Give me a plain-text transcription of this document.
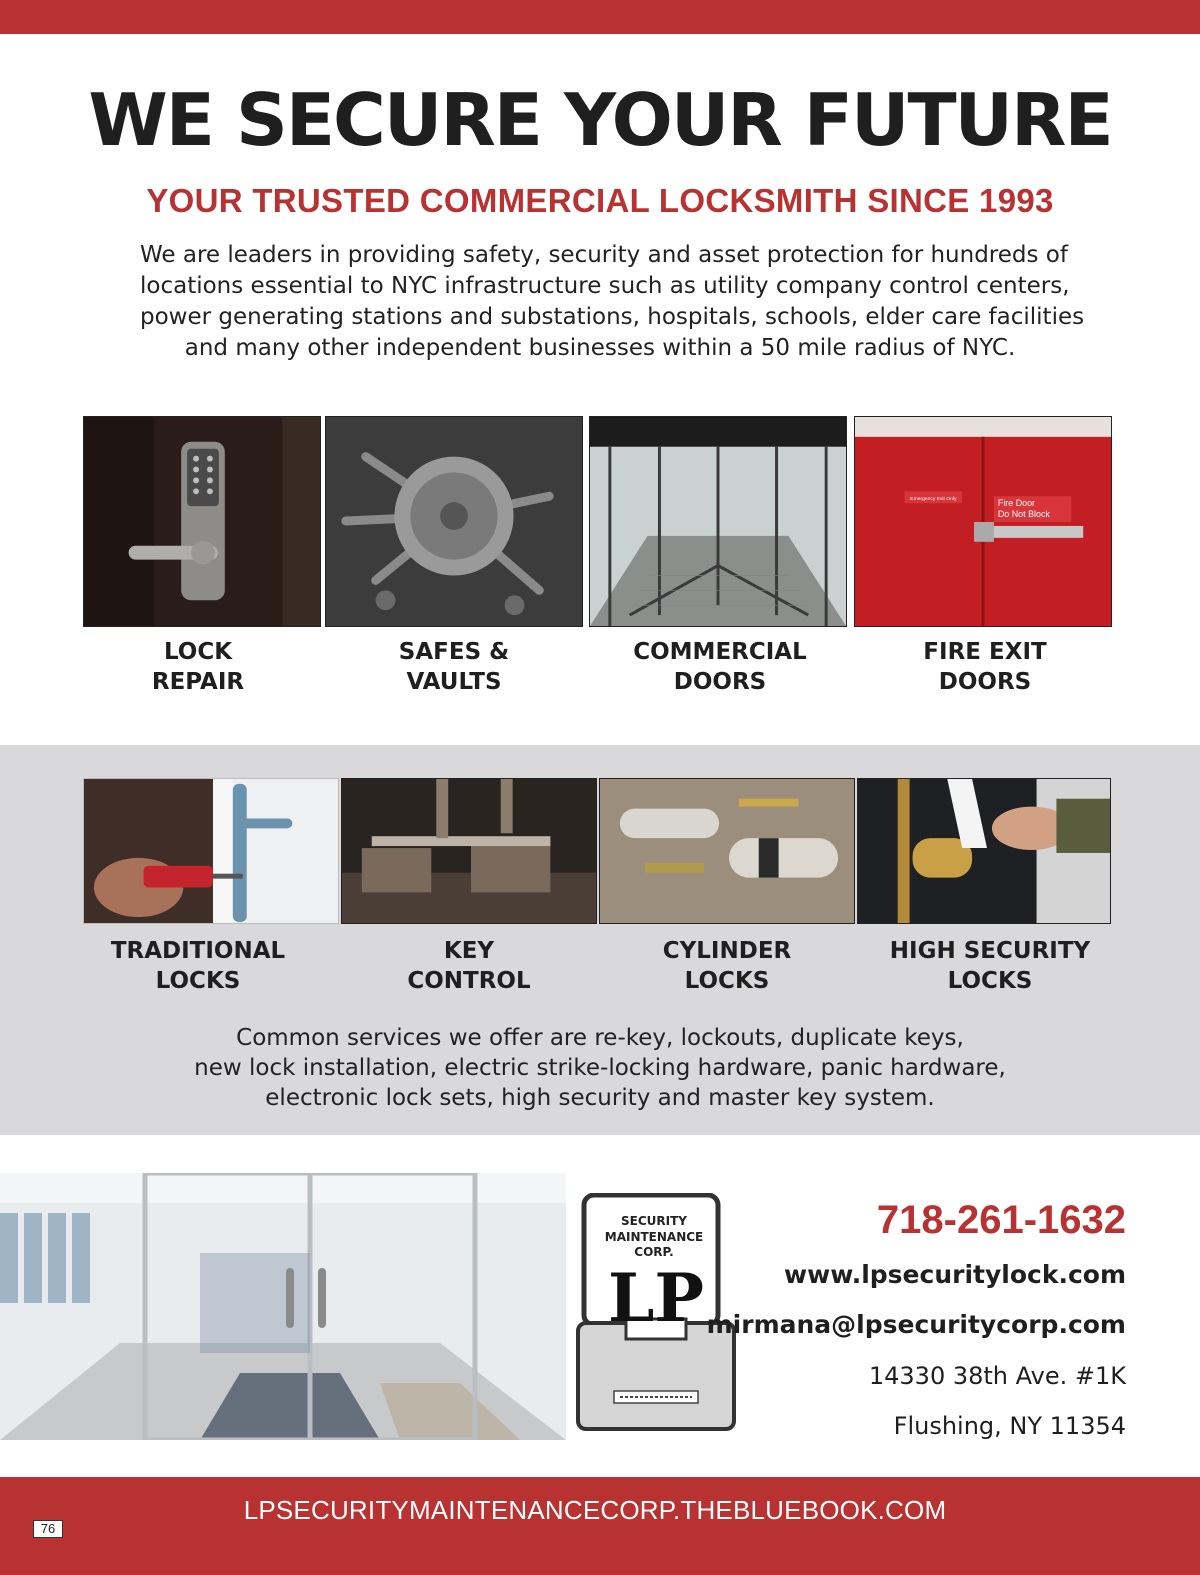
WE SECURE YOUR FUTURE
YOUR TRUSTED COMMERCIAL LOCKSMITH SINCE 1993

We are leaders in providing safety, security and asset protection for hundreds of
locations essential to NYC infrastructure such as utility company control centers,
power generating stations and substations, hospitals, schools, elder care facilities
and many other independent businesses within a 50 mile radius of NYC.

Emergency Exit Only	Fire Door
Do Not Block
LOCK
REPAIR
SAFES &
VAULTS
COMMERCIAL
DOORS
FIRE EXIT
DOORS
TRADITIONAL
LOCKS
KEY
CONTROL
CYLINDER
LOCKS
HIGH SECURITY
LOCKS

Common services we offer are re-key, lockouts, duplicate keys,
new lock installation, electric strike-locking hardware, panic hardware,
electronic lock sets, high security and master key system.

SECURITY
MAINTENANCE
CORP.
LP
718-261-1632
www.lpsecuritylock.com
mirmana@lpsecuritycorp.com
14330 38th Ave. #1K
Flushing, NY 11354
LPSECURITYMAINTENANCECORP.THEBLUEBOOK.COM
76
